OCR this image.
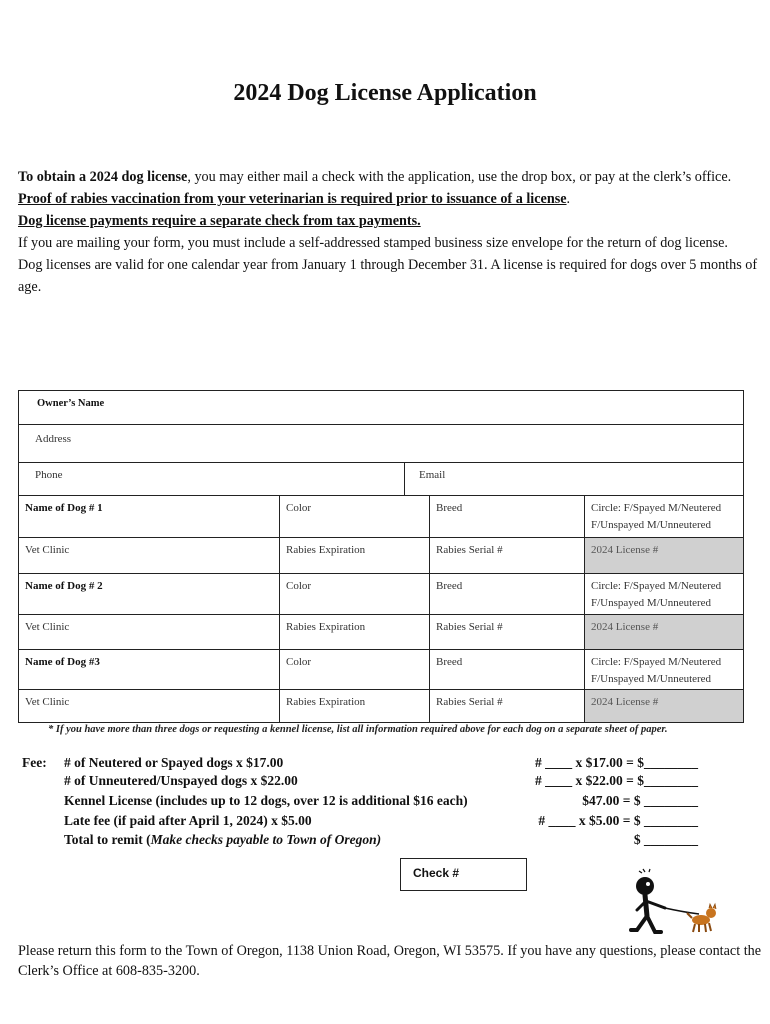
2024 Dog License Application

To obtain a 2024 dog license, you may either mail a check with the application, use the drop box, or pay at the clerk’s office.

Proof of rabies vaccination from your veterinarian is required prior to issuance of a license.

Dog license payments require a separate check from tax payments.

If you are mailing your form, you must include a self-addressed stamped business size envelope for the return of dog license.

Dog licenses are valid for one calendar year from January 1 through December 31. A license is required for dogs over 5 months of age.

Owner’s Name
Address
Phone	Email
Name of Dog # 1	Color	Breed	Circle: F/Spayed M/Neutered
F/Unspayed M/Unneutered
Vet Clinic	Rabies Expiration	Rabies Serial #	2024 License #
Name of Dog # 2	Color	Breed	Circle: F/Spayed M/Neutered
F/Unspayed M/Unneutered
Vet Clinic	Rabies Expiration	Rabies Serial #	2024 License #
Name of Dog #3	Color	Breed	Circle: F/Spayed M/Neutered
F/Unspayed M/Unneutered
Vet Clinic	Rabies Expiration	Rabies Serial #	2024 License #
* If you have more than three dogs or requesting a kennel license, list all information required above for each dog on a separate sheet of paper.
Fee: # of Neutered or Spayed dogs x $17.00	# ____ x $17.00 = $________
# of Unneutered/Unspayed dogs x $22.00	# ____ x $22.00 = $________
Kennel License (includes up to 12 dogs, over 12 is additional $16 each)	$47.00 = $ ________
Late fee (if paid after April 1, 2024) x $5.00	# ____ x $5.00 = $ ________
Total to remit (Make checks payable to Town of Oregon)	$ ________
Check #
Please return this form to the Town of Oregon, 1138 Union Road, Oregon, WI 53575. If you have any questions, please contact the Clerk’s Office at 608-835-3200.
